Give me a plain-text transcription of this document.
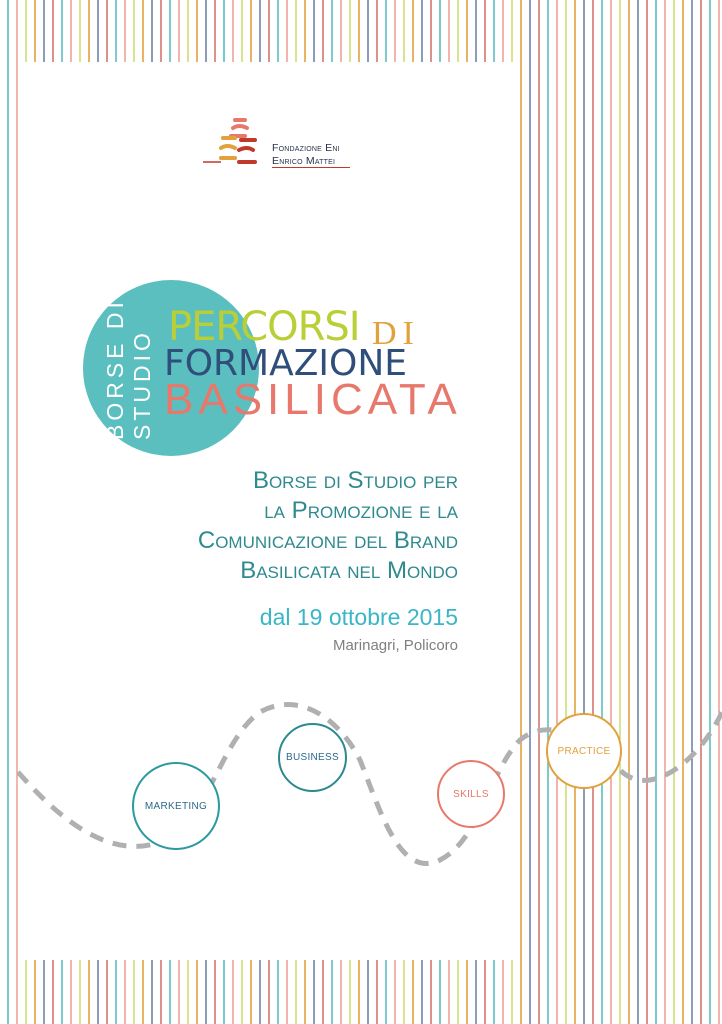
Fondazione Eni
Enrico Mattei
BORSE DI STUDIO
PERCORSI DI
FORMAZIONE
BASILICATA
Borse di Studio per
la Promozione e la
Comunicazione del Brand
Basilicata nel Mondo
dal 19 ottobre 2015
Marinagri, Policoro
MARKETING
BUSINESS
SKILLS
PRACTICE
